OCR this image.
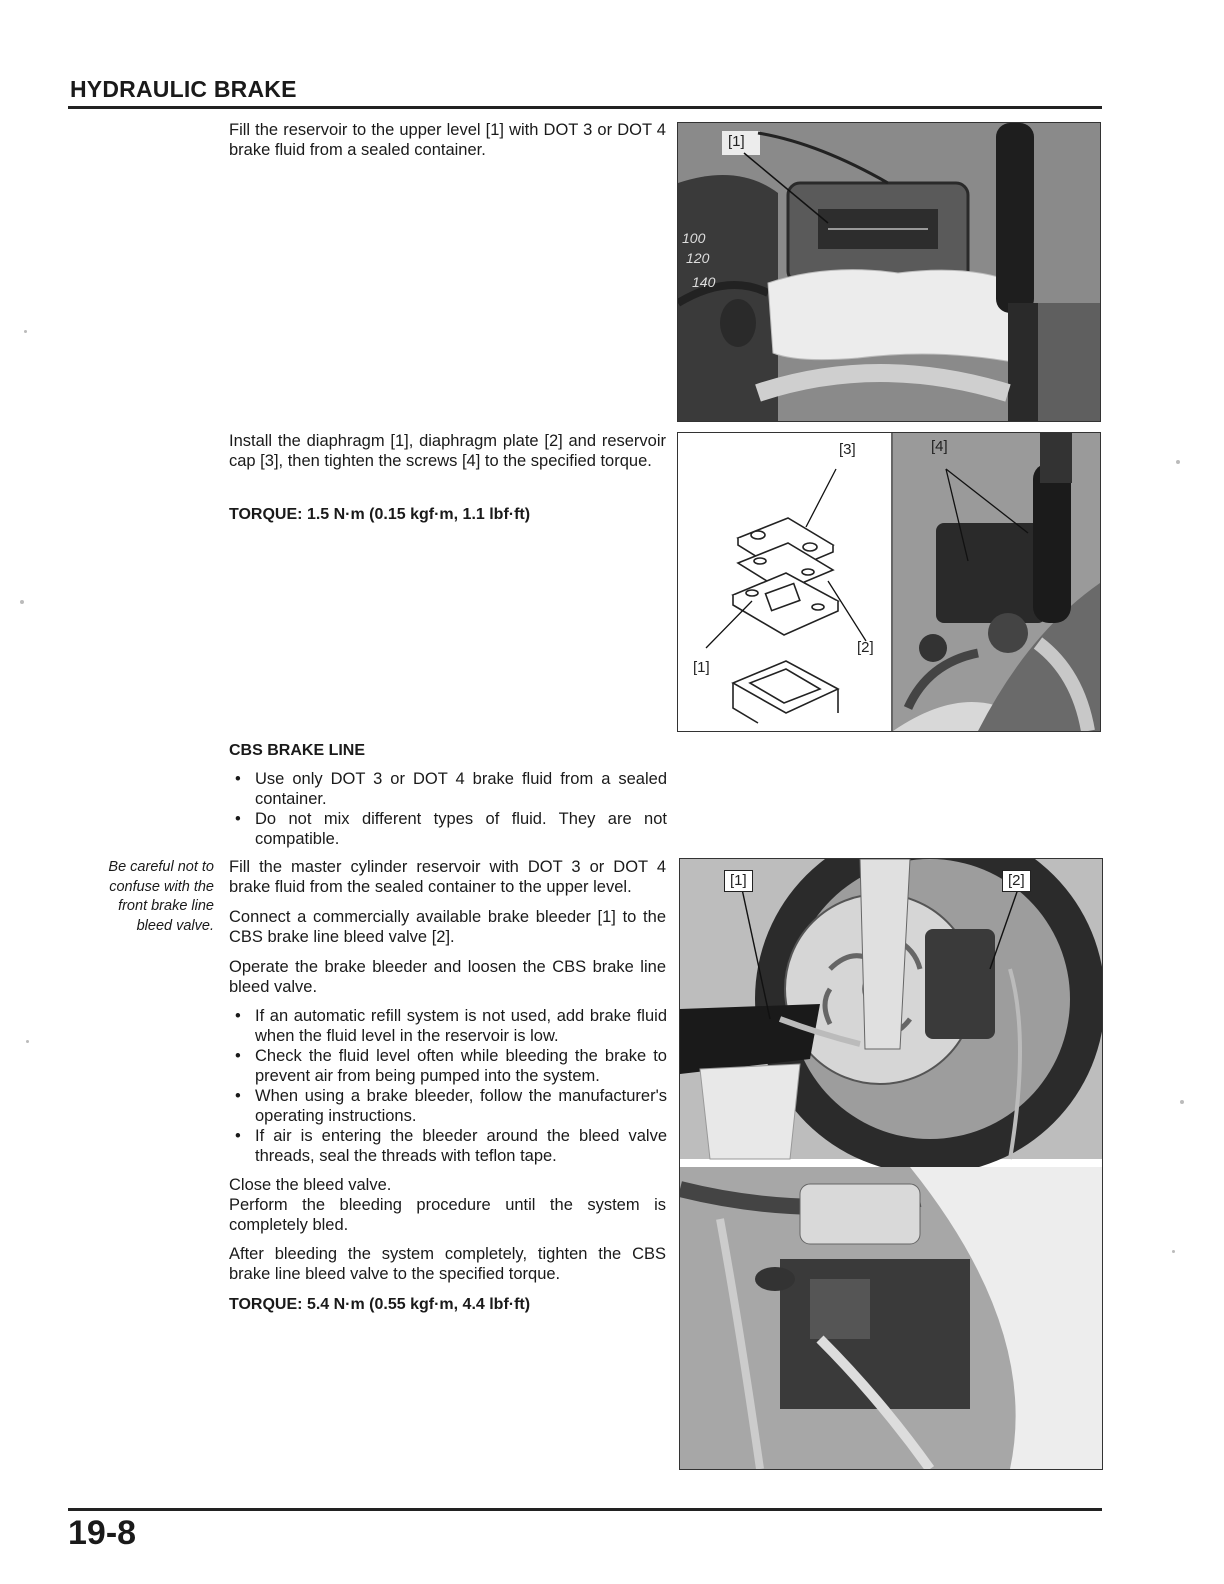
HYDRAULIC BRAKE

Fill the reservoir to the upper level [1] with DOT 3 or DOT 4 brake fluid from a sealed container.

100
120
140
[1]

Install the diaphragm [1], diaphragm plate [2] and reservoir cap [3], then tighten the screws [4] to the specified torque.

TORQUE: 1.5 N·m (0.15 kgf·m, 1.1 lbf·ft)
[3]	[4]
[2]
[1]
CBS BRAKE LINE
• Use only DOT 3 or DOT 4 brake fluid from a sealed container.
• Do not mix different types of fluid. They are not compatible.
Be careful not to confuse with the front brake line bleed valve.

Fill the master cylinder reservoir with DOT 3 or DOT 4 brake fluid from the sealed container to the upper level.

Connect a commercially available brake bleeder [1] to the CBS brake line bleed valve [2].

Operate the brake bleeder and loosen the CBS brake line bleed valve.

• If an automatic refill system is not used, add brake fluid when the fluid level in the reservoir is low.
• Check the fluid level often while bleeding the brake to prevent air from being pumped into the system.
• When using a brake bleeder, follow the manufacturer's operating instructions.
• If air is entering the bleeder around the bleed valve threads, seal the threads with teflon tape.
Close the bleed valve.
Perform the bleeding procedure until the system is completely bled.

After bleeding the system completely, tighten the CBS brake line bleed valve to the specified torque.

TORQUE: 5.4 N·m (0.55 kgf·m, 4.4 lbf·ft)
[1]	[2]
19-8
